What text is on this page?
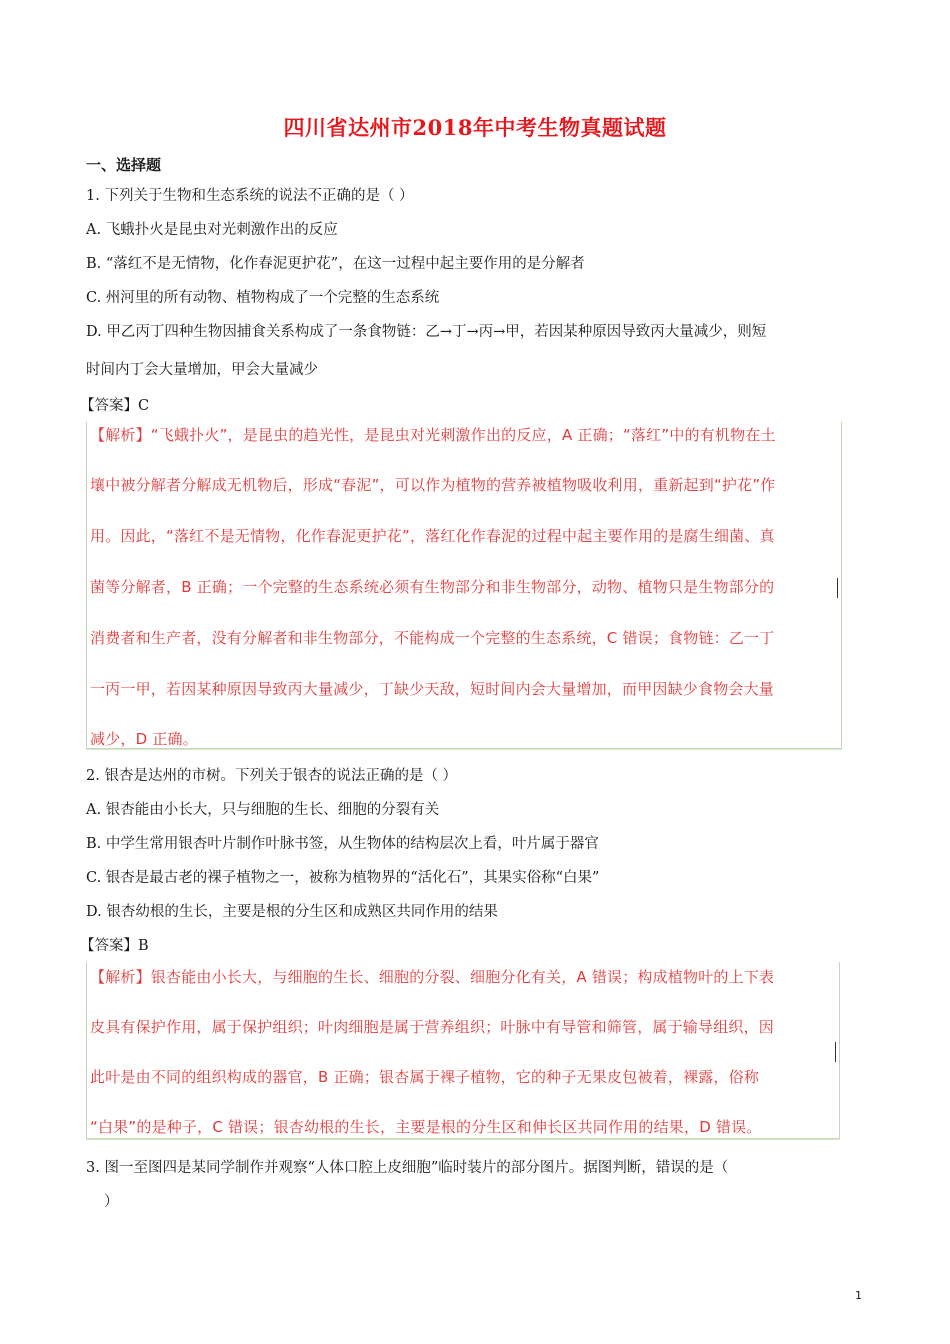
四川省达州市2018年中考生物真题试题
一、选择题
1. 下列关于生物和生态系统的说法不正确的是（ ）
A. 飞蛾扑火是昆虫对光刺激作出的反应
B. “落红不是无情物，化作春泥更护花”，在这一过程中起主要作用的是分解者
C. 州河里的所有动物、植物构成了一个完整的生态系统
D. 甲乙丙丁四种生物因捕食关系构成了一条食物链：乙→丁→丙→甲，若因某种原因导致丙大量减少，则短
时间内丁会大量增加，甲会大量减少
【答案】C
【解析】“飞蛾扑火”，是昆虫的趋光性，是昆虫对光刺激作出的反应，A 正确；“落红”中的有机物在土
壤中被分解者分解成无机物后，形成“春泥”，可以作为植物的营养被植物吸收利用，重新起到“护花”作
用。因此，“落红不是无情物，化作春泥更护花”，落红化作春泥的过程中起主要作用的是腐生细菌、真
菌等分解者，B 正确；一个完整的生态系统必须有生物部分和非生物部分，动物、植物只是生物部分的
消费者和生产者，没有分解者和非生物部分，不能构成一个完整的生态系统，C 错误；食物链：乙一丁
一丙一甲，若因某种原因导致丙大量减少，丁缺少天敌，短时间内会大量增加，而甲因缺少食物会大量
减少，D 正确。
2. 银杏是达州的市树。下列关于银杏的说法正确的是（ ）
A. 银杏能由小长大，只与细胞的生长、细胞的分裂有关
B. 中学生常用银杏叶片制作叶脉书签，从生物体的结构层次上看，叶片属于器官
C. 银杏是最古老的裸子植物之一，被称为植物界的“活化石”，其果实俗称“白果”
D. 银杏幼根的生长，主要是根的分生区和成熟区共同作用的结果
【答案】B
【解析】银杏能由小长大，与细胞的生长、细胞的分裂、细胞分化有关，A 错误；构成植物叶的上下表
皮具有保护作用，属于保护组织；叶肉细胞是属于营养组织；叶脉中有导管和筛管，属于输导组织，因
此叶是由不同的组织构成的器官，B 正确；银杏属于裸子植物，它的种子无果皮包被着，裸露，俗称
“白果”的是种子，C 错误；银杏幼根的生长，主要是根的分生区和伸长区共同作用的结果，D 错误。
3. 图一至图四是某同学制作并观察“人体口腔上皮细胞”临时装片的部分图片。据图判断，错误的是（
）
1
